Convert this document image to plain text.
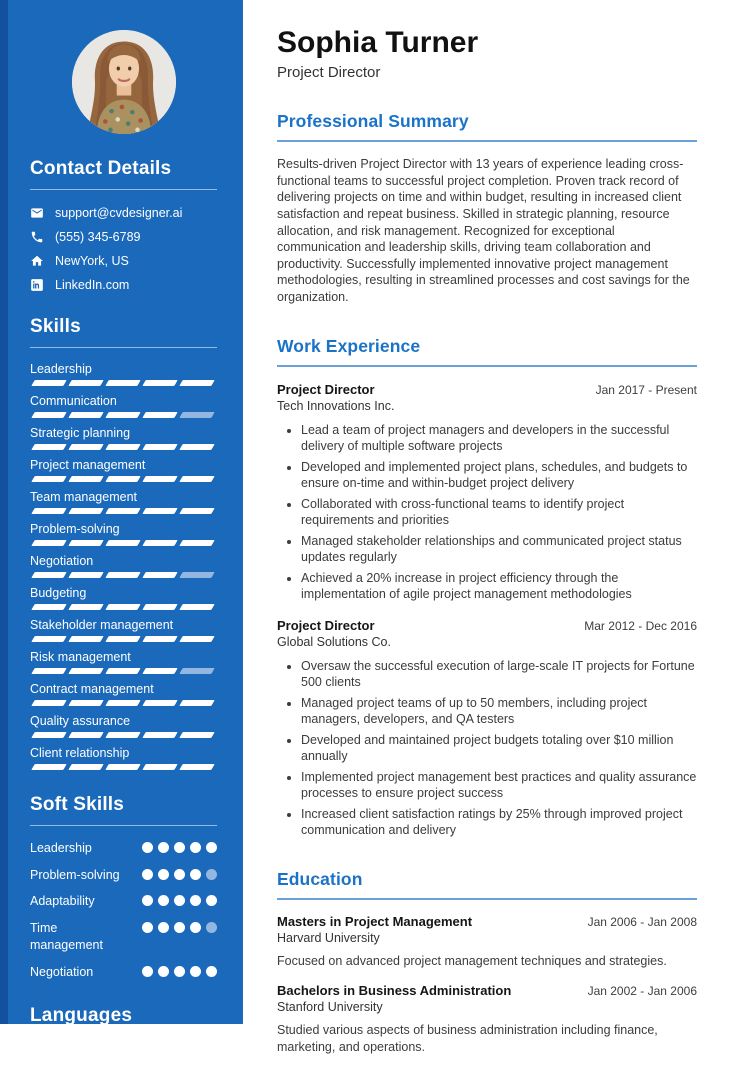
Contact Details
support@cvdesigner.ai
(555) 345-6789
NewYork, US
LinkedIn.com
Skills
Leadership
Communication
Strategic planning
Project management
Team management
Problem-solving
Negotiation
Budgeting
Stakeholder management
Risk management
Contract management
Quality assurance
Client relationship
Soft Skills
Leadership
Problem-solving
Adaptability
Time management
Negotiation
Languages
English	Spanish
Sophia Turner
Project Director
Professional Summary

Results-driven Project Director with 13 years of experience leading cross-functional teams to successful project completion. Proven track record of delivering projects on time and within budget, resulting in increased client satisfaction and repeat business. Skilled in strategic planning, resource allocation, and risk management. Recognized for exceptional communication and leadership skills, driving team collaboration and productivity. Successfully implemented innovative project management methodologies, resulting in streamlined processes and cost savings for the organization.

Work Experience
Project Director	Jan 2017 - Present
Tech Innovations Inc.
• Lead a team of project managers and developers in the successful delivery of multiple software projects
• Developed and implemented project plans, schedules, and budgets to ensure on-time and within-budget project delivery
• Collaborated with cross-functional teams to identify project requirements and priorities
• Managed stakeholder relationships and communicated project status updates regularly
• Achieved a 20% increase in project efficiency through the implementation of agile project management methodologies
Project Director	Mar 2012 - Dec 2016
Global Solutions Co.
• Oversaw the successful execution of large-scale IT projects for Fortune 500 clients
• Managed project teams of up to 50 members, including project managers, developers, and QA testers
• Developed and maintained project budgets totaling over $10 million annually
• Implemented project management best practices and quality assurance processes to ensure project success
• Increased client satisfaction ratings by 25% through improved project communication and delivery
Education
Masters in Project Management	Jan 2006 - Jan 2008
Harvard University

Focused on advanced project management techniques and strategies.

Bachelors in Business Administration	Jan 2002 - Jan 2006
Stanford University

Studied various aspects of business administration including finance, marketing, and operations.
